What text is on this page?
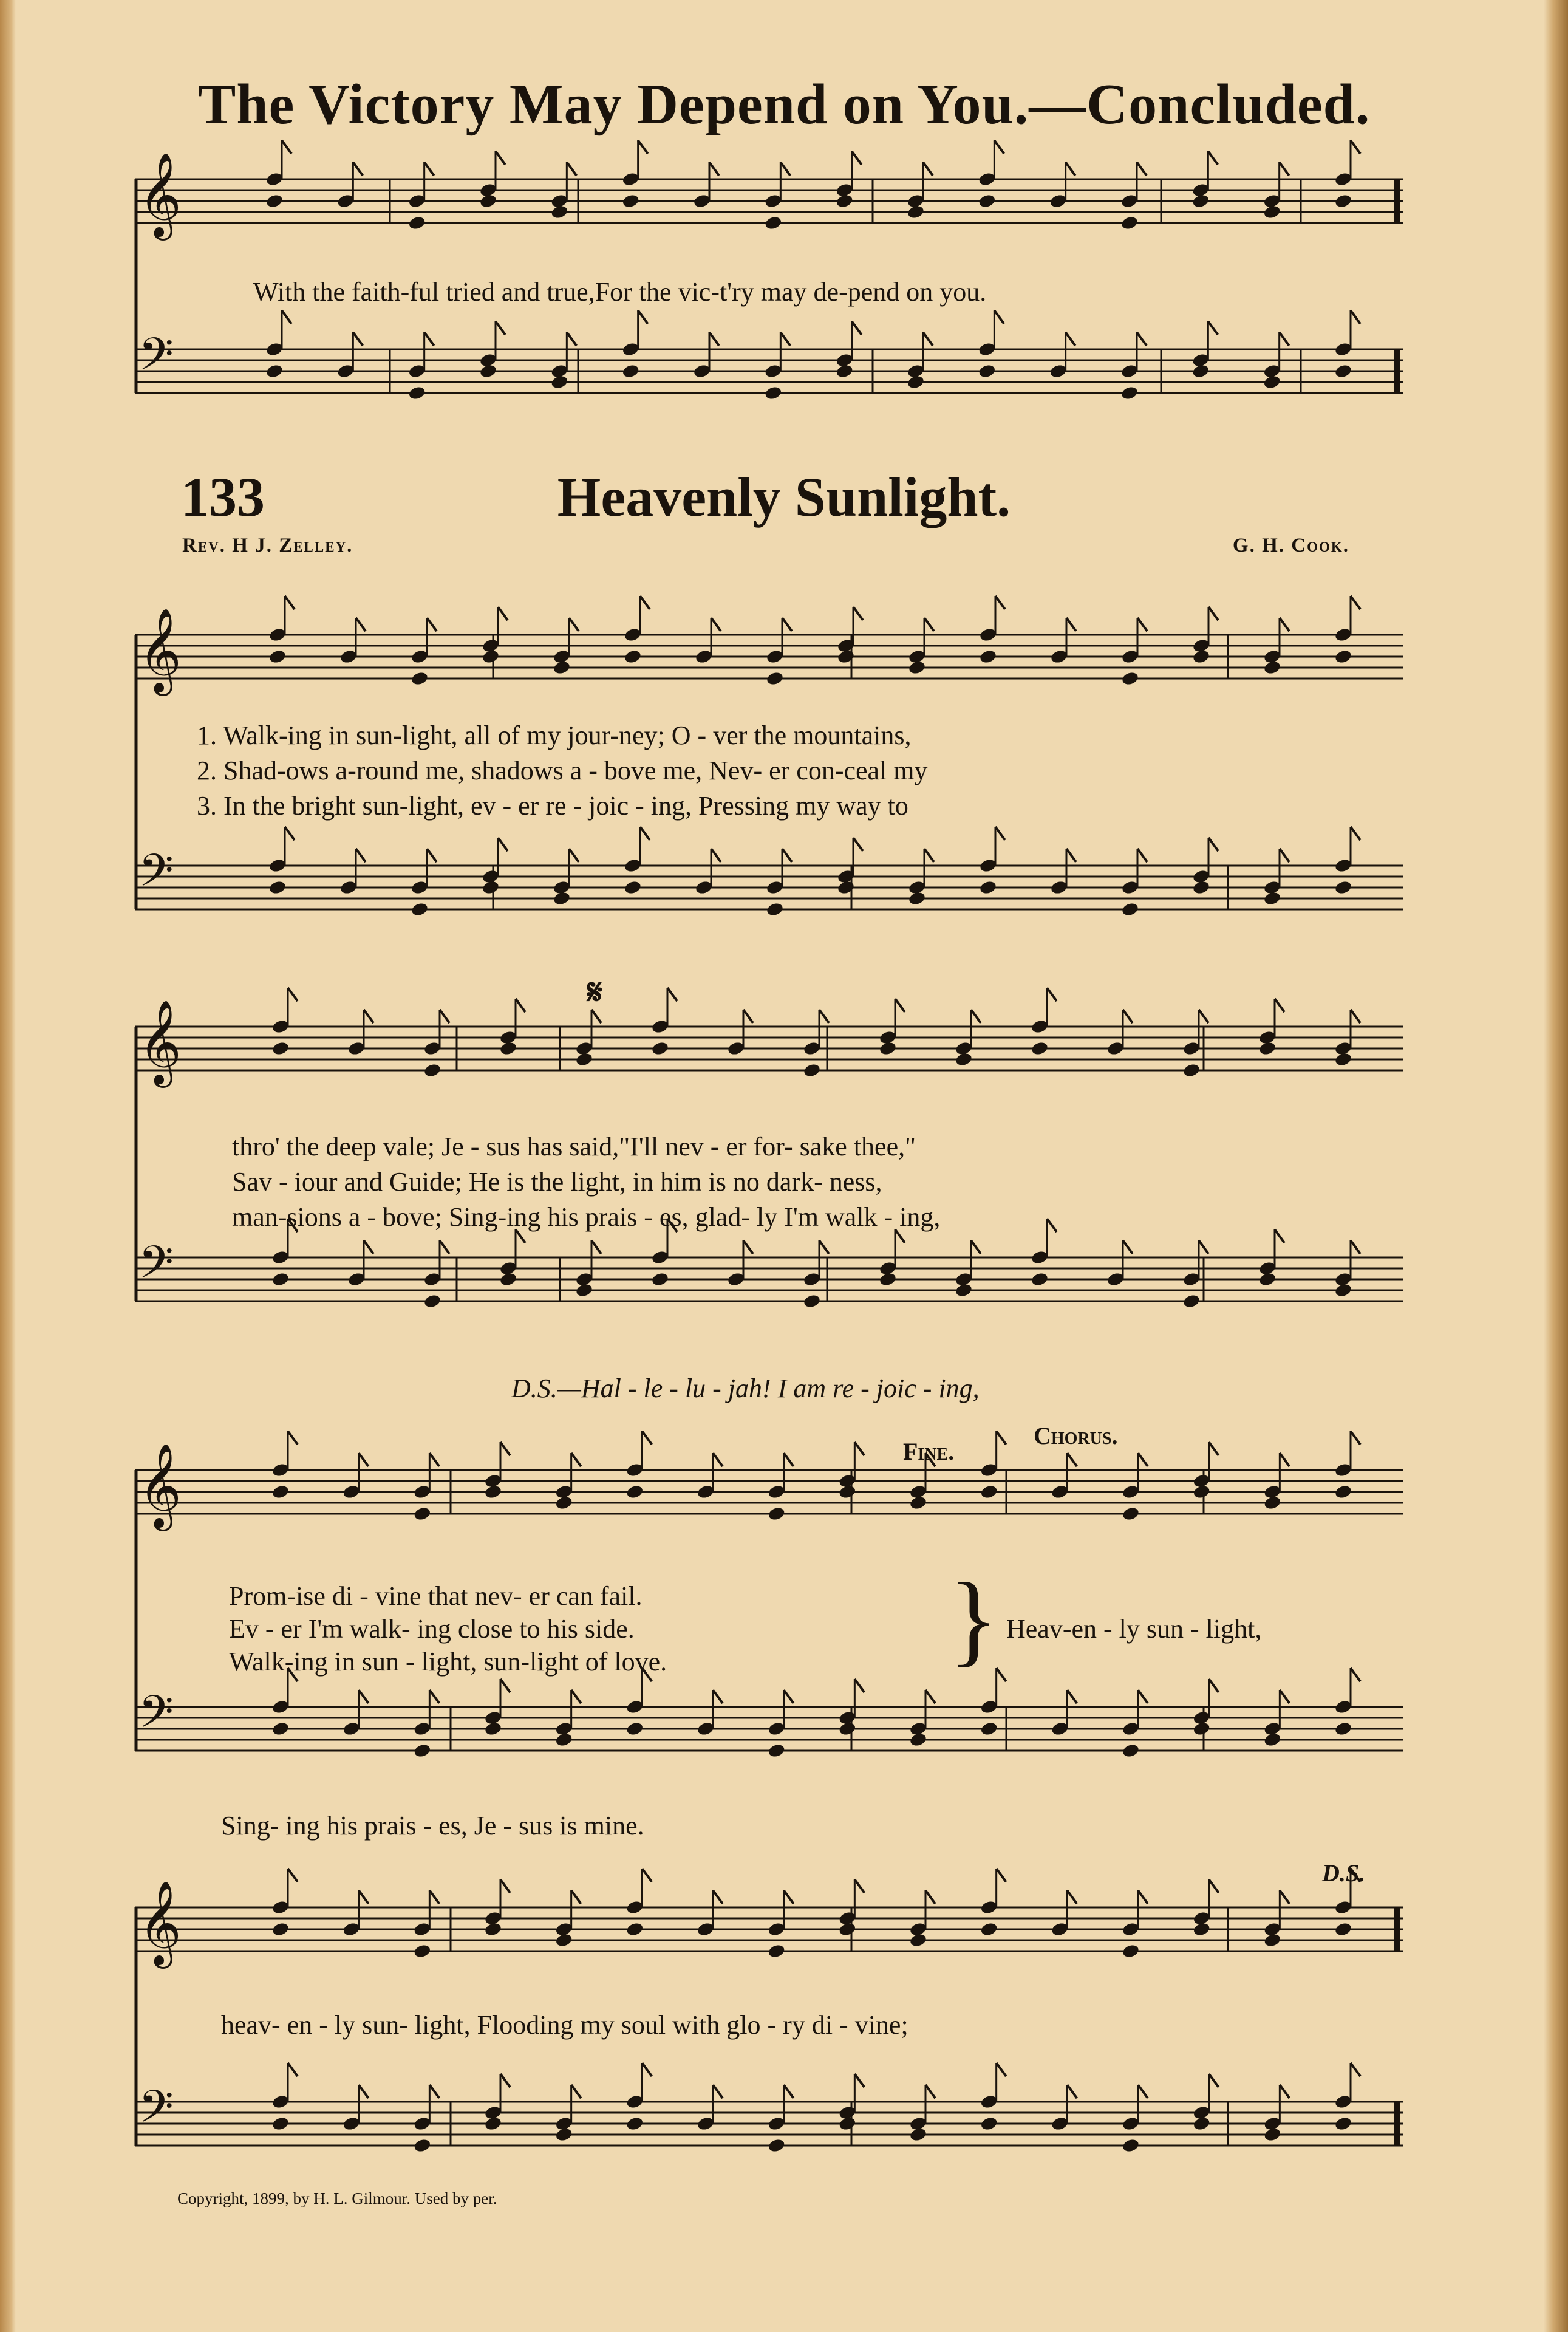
The Victory May Depend on You.—Concluded.
With the faith-ful tried and true,For the vic-t'ry may de-pend on you.
𝄞
𝄢
133	Heavenly Sunlight.
Rev. H J. Zelley.	G. H. Cook.
1. Walk-ing in sun-light, all of my jour-ney; O - ver the mountains,
2. Shad-ows a-round me, shadows a - bove me, Nev- er con-ceal my
3. In the bright sun-light, ev - er re - joic - ing, Pressing my way to
𝄞
𝄢
𝄋
thro' the deep vale; Je - sus has said,"I'll nev - er for- sake thee,"
Sav - iour and Guide; He is the light, in him is no dark- ness,
man-sions a - bove; Sing-ing his prais - es, glad- ly I'm walk - ing,
D.S.—Hal - le - lu - jah! I am re - joic - ing,
𝄞
𝄢
Fine.
Chorus.
Prom-ise di - vine that nev- er can fail.
Ev - er I'm walk- ing close to his side.
Walk-ing in sun - light, sun-light of love.	} Heav-en - ly sun - light,
Sing- ing his prais - es, Je - sus is mine.
𝄞
𝄢
D.S.
heav- en - ly sun- light, Flooding my soul with glo - ry di - vine;
𝄞
𝄢
Copyright, 1899, by H. L. Gilmour. Used by per.
